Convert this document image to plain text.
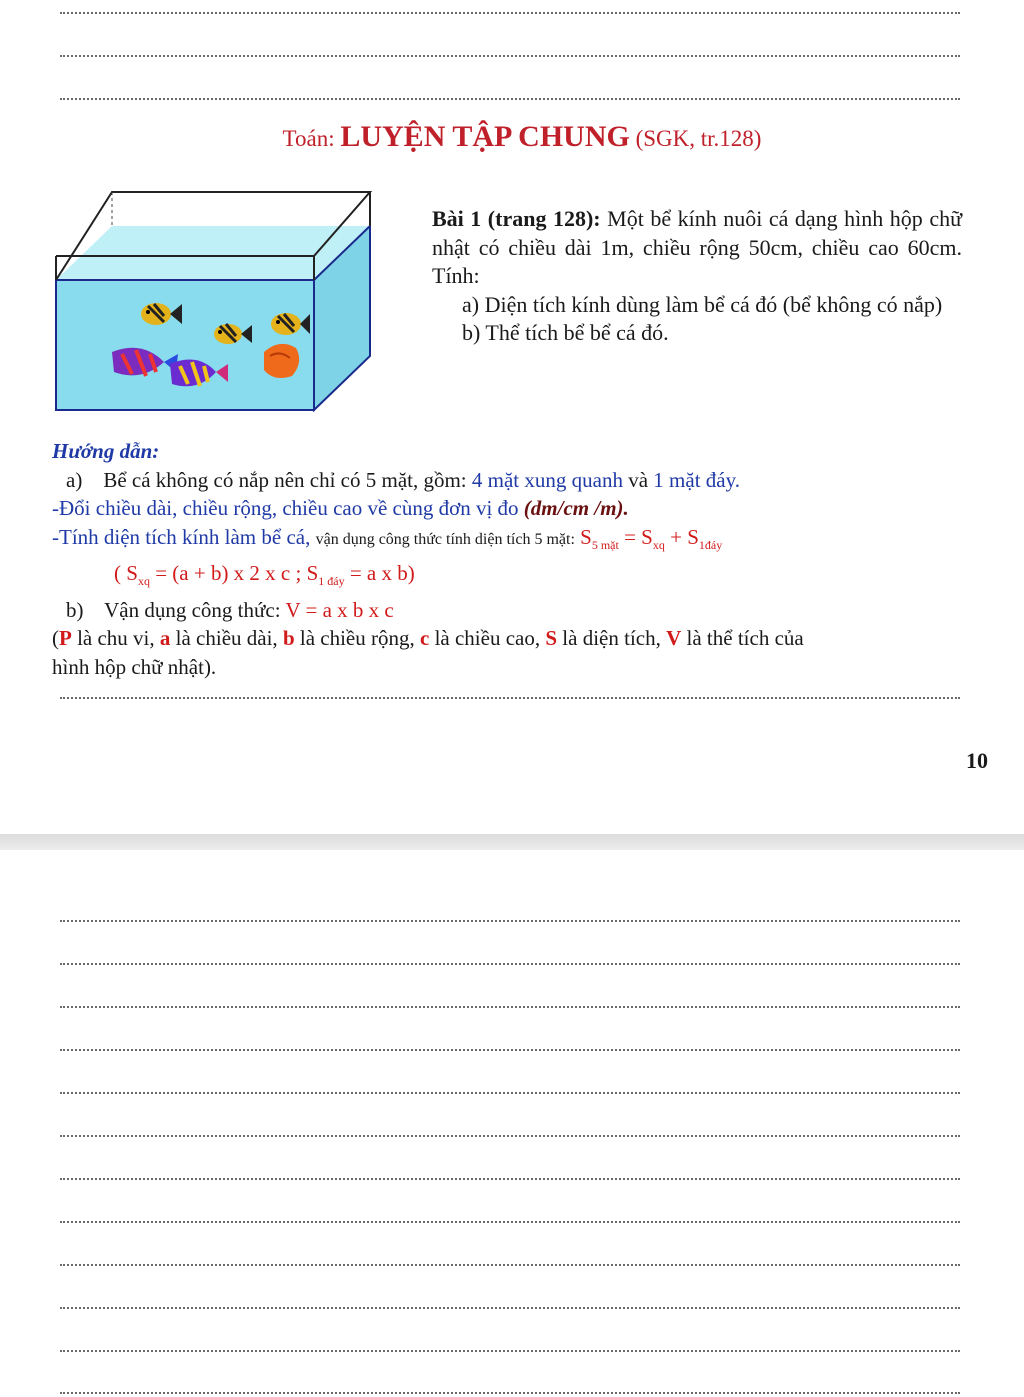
Toán: LUYỆN TẬP CHUNG (SGK, tr.128)

Bài 1 (trang 128): Một bể kính nuôi cá dạng hình hộp chữ nhật có chiều dài 1m, chiều rộng 50cm, chiều cao 60cm. Tính:

a) Diện tích kính dùng làm bể cá đó (bể không có nắp)

b) Thể tích bể bể cá đó.

Hướng dẫn:

a) Bể cá không có nắp nên chỉ có 5 mặt, gồm: 4 mặt xung quanh và 1 mặt đáy.

-Đổi chiều dài, chiều rộng, chiều cao về cùng đơn vị đo (dm/cm /m).

-Tính diện tích kính làm bể cá, vận dụng công thức tính diện tích 5 mặt: $S_{5 mặt} = S_{xq} + S_{1đáy}$

( $S_{xq} = (a + b)$ x 2 x c ; $S_{1 đáy} = a$ x b)

b) Vận dụng công thức: V = a x b x c

(P là chu vi, a là chiều dài, b là chiều rộng, c là chiều cao, S là diện tích, V là thể tích của

hình hộp chữ nhật).

10
